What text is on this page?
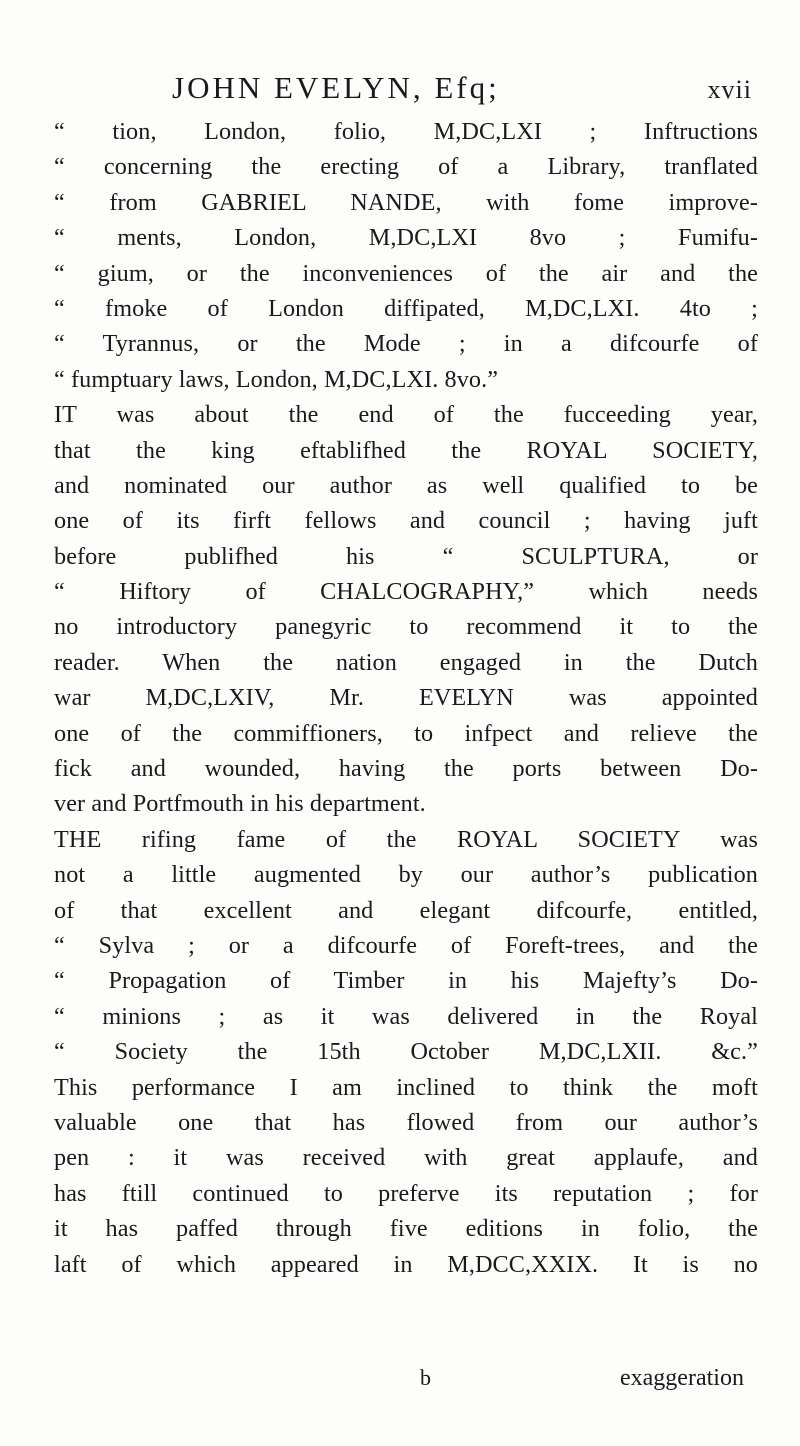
JOHN EVELYN, Efq;	xvii
“ tion, London, folio, M,DC,LXI ; Inftructions
“ concerning the erecting of a Library, tranflated
“ from GABRIEL NANDE, with fome improve-
“ ments, London, M,DC,LXI 8vo ; Fumifu-
“ gium, or the inconveniences of the air and the
“ fmoke of London diffipated, M,DC,LXI. 4to ;
“ Tyrannus, or the Mode ; in a difcourfe of
“ fumptuary laws, London, M,DC,LXI. 8vo.”
IT was about the end of the fucceeding year,
that the king eftablifhed the ROYAL SOCIETY,
and nominated our author as well qualified to be
one of its firft fellows and council ; having juft
before publifhed his “ SCULPTURA, or
“ Hiftory of CHALCOGRAPHY,” which needs
no introductory panegyric to recommend it to the
reader. When the nation engaged in the Dutch
war M,DC,LXIV, Mr. EVELYN was appointed
one of the commiffioners, to infpect and relieve the
fick and wounded, having the ports between Do-
ver and Portfmouth in his department.
THE rifing fame of the ROYAL SOCIETY was
not a little augmented by our author’s publication
of that excellent and elegant difcourfe, entitled,
“ Sylva ; or a difcourfe of Foreft-trees, and the
“ Propagation of Timber in his Majefty’s Do-
“ minions ; as it was delivered in the Royal
“ Society the 15th October M,DC,LXII. &c.”
This performance I am inclined to think the moft
valuable one that has flowed from our author’s
pen : it was received with great applaufe, and
has ftill continued to preferve its reputation ; for
it has paffed through five editions in folio, the
laft of which appeared in M,DCC,XXIX. It is no
b	exaggeration
